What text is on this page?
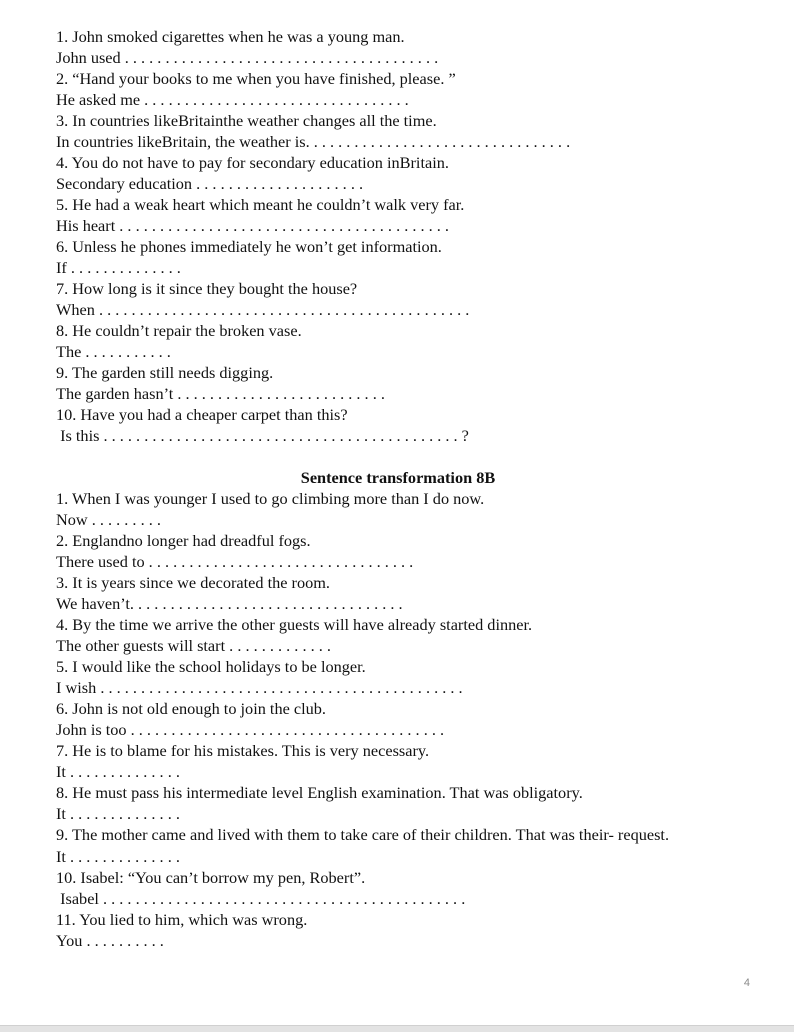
1. John smoked cigarettes when he was a young man.
John used . . . . . . . . . . . . . . . . . . . . . . . . . . . . . . . . . . . . . . .
2. “Hand your books to me when you have finished, please. ”
He asked me . . . . . . . . . . . . . . . . . . . . . . . . . . . . . . . . .
3. In countries likeBritainthe weather changes all the time.
In countries likeBritain, the weather is. . . . . . . . . . . . . . . . . . . . . . . . . . . . . . . . .
4. You do not have to pay for secondary education inBritain.
Secondary education . . . . . . . . . . . . . . . . . . . . .
5. He had a weak heart which meant he couldn’t walk very far.
His heart . . . . . . . . . . . . . . . . . . . . . . . . . . . . . . . . . . . . . . . . .
6. Unless he phones immediately he won’t get information.
If . . . . . . . . . . . . . .
7. How long is it since they bought the house?
When . . . . . . . . . . . . . . . . . . . . . . . . . . . . . . . . . . . . . . . . . . . . . .
8. He couldn’t repair the broken vase.
The . . . . . . . . . . .
9. The garden still needs digging.
The garden hasn’t . . . . . . . . . . . . . . . . . . . . . . . . . .
10. Have you had a cheaper carpet than this?
Is this . . . . . . . . . . . . . . . . . . . . . . . . . . . . . . . . . . . . . . . . . . . . ?
Sentence transformation 8B
1. When I was younger I used to go climbing more than I do now.
Now . . . . . . . . .
2. Englandno longer had dreadful fogs.
There used to . . . . . . . . . . . . . . . . . . . . . . . . . . . . . . . . .
3. It is years since we decorated the room.
We haven’t. . . . . . . . . . . . . . . . . . . . . . . . . . . . . . . . . .
4. By the time we arrive the other guests will have already started dinner.
The other guests will start . . . . . . . . . . . . .
5. I would like the school holidays to be longer.
I wish . . . . . . . . . . . . . . . . . . . . . . . . . . . . . . . . . . . . . . . . . . . . .
6. John is not old enough to join the club.
John is too . . . . . . . . . . . . . . . . . . . . . . . . . . . . . . . . . . . . . . .
7. He is to blame for his mistakes. This is very necessary.
It . . . . . . . . . . . . . .
8. He must pass his intermediate level English examination. That was obligatory.
It . . . . . . . . . . . . . .
9. The mother came and lived with them to take care of their children. That was their- request.
It . . . . . . . . . . . . . .
10. Isabel: “You can’t borrow my pen, Robert”.
Isabel . . . . . . . . . . . . . . . . . . . . . . . . . . . . . . . . . . . . . . . . . . . . .
11. You lied to him, which was wrong.
You . . . . . . . . . .
4
